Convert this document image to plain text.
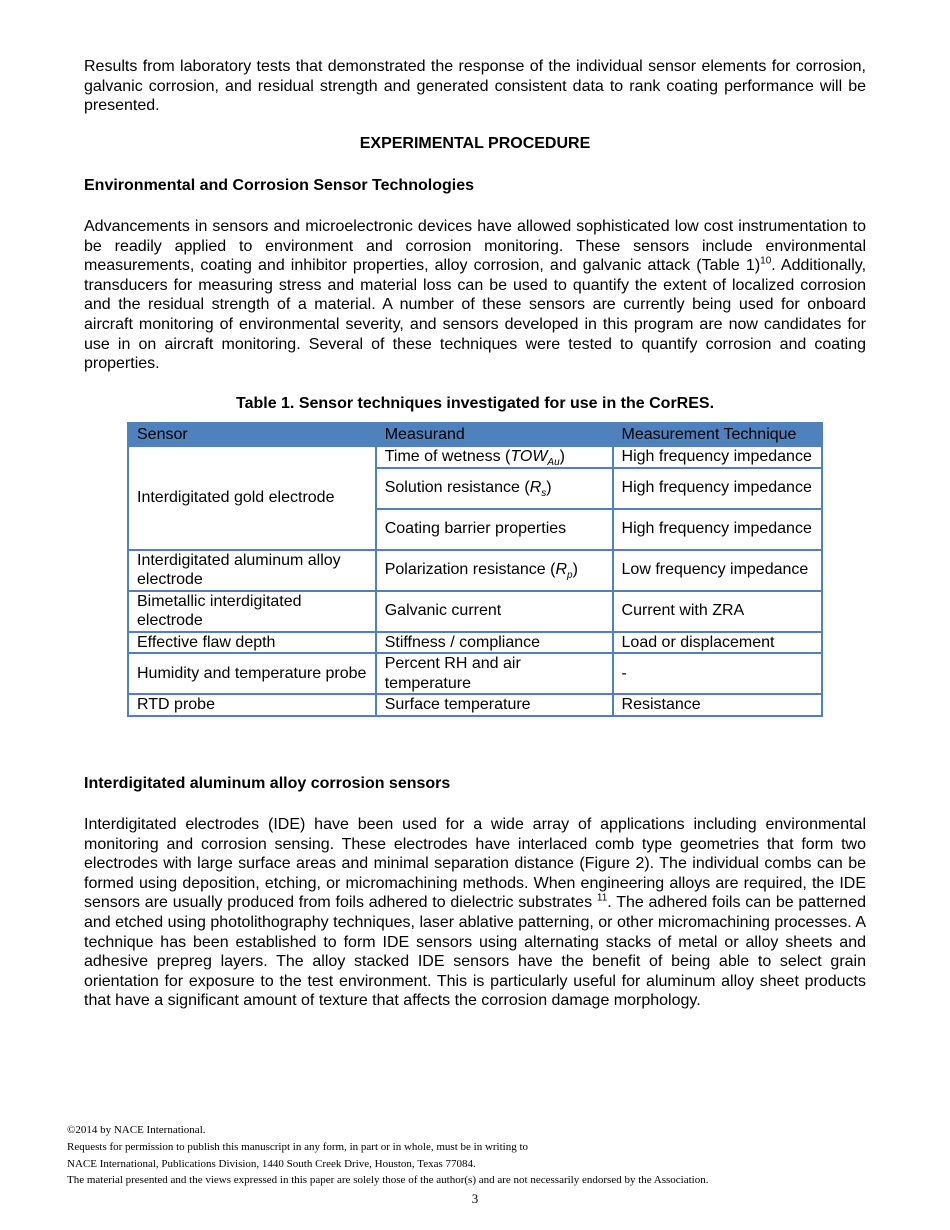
Results from laboratory tests that demonstrated the response of the individual sensor elements for corrosion, galvanic corrosion, and residual strength and generated consistent data to rank coating performance will be presented.

EXPERIMENTAL PROCEDURE
Environmental and Corrosion Sensor Technologies

Advancements in sensors and microelectronic devices have allowed sophisticated low cost instrumentation to be readily applied to environment and corrosion monitoring. These sensors include environmental measurements, coating and inhibitor properties, alloy corrosion, and galvanic attack (Table 1)$^{10}$. Additionally, transducers for measuring stress and material loss can be used to quantify the extent of localized corrosion and the residual strength of a material. A number of these sensors are currently being used for onboard aircraft monitoring of environmental severity, and sensors developed in this program are now candidates for use in on aircraft monitoring. Several of these techniques were tested to quantify corrosion and coating properties.

Table 1. Sensor techniques investigated for use in the CorRES.
Sensor	Measurand	Measurement Technique
Interdigitated gold electrode	Time of wetness $(TOW_{Au})$	High frequency impedance
	Solution resistance $(R_s)$	High frequency impedance
	Coating barrier properties	High frequency impedance
Interdigitated aluminum alloy electrode	Polarization resistance $(R_p)$	Low frequency impedance
Bimetallic interdigitated electrode	Galvanic current	Current with ZRA
Effective flaw depth	Stiffness / compliance	Load or displacement
Humidity and temperature probe	Percent RH and air temperature	-
RTD probe	Surface temperature	Resistance
Interdigitated aluminum alloy corrosion sensors

Interdigitated electrodes (IDE) have been used for a wide array of applications including environmental monitoring and corrosion sensing. These electrodes have interlaced comb type geometries that form two electrodes with large surface areas and minimal separation distance (Figure 2). The individual combs can be formed using deposition, etching, or micromachining methods. When engineering alloys are required, the IDE sensors are usually produced from foils adhered to dielectric substrates $^{11}$. The adhered foils can be patterned and etched using photolithography techniques, laser ablative patterning, or other micromachining processes. A technique has been established to form IDE sensors using alternating stacks of metal or alloy sheets and adhesive prepreg layers. The alloy stacked IDE sensors have the benefit of being able to select grain orientation for exposure to the test environment. This is particularly useful for aluminum alloy sheet products that have a significant amount of texture that affects the corrosion damage morphology.

©2014 by NACE International.
Requests for permission to publish this manuscript in any form, in part or in whole, must be in writing to
NACE International, Publications Division, 1440 South Creek Drive, Houston, Texas 77084.
The material presented and the views expressed in this paper are solely those of the author(s) and are not necessarily endorsed by the Association.
3
